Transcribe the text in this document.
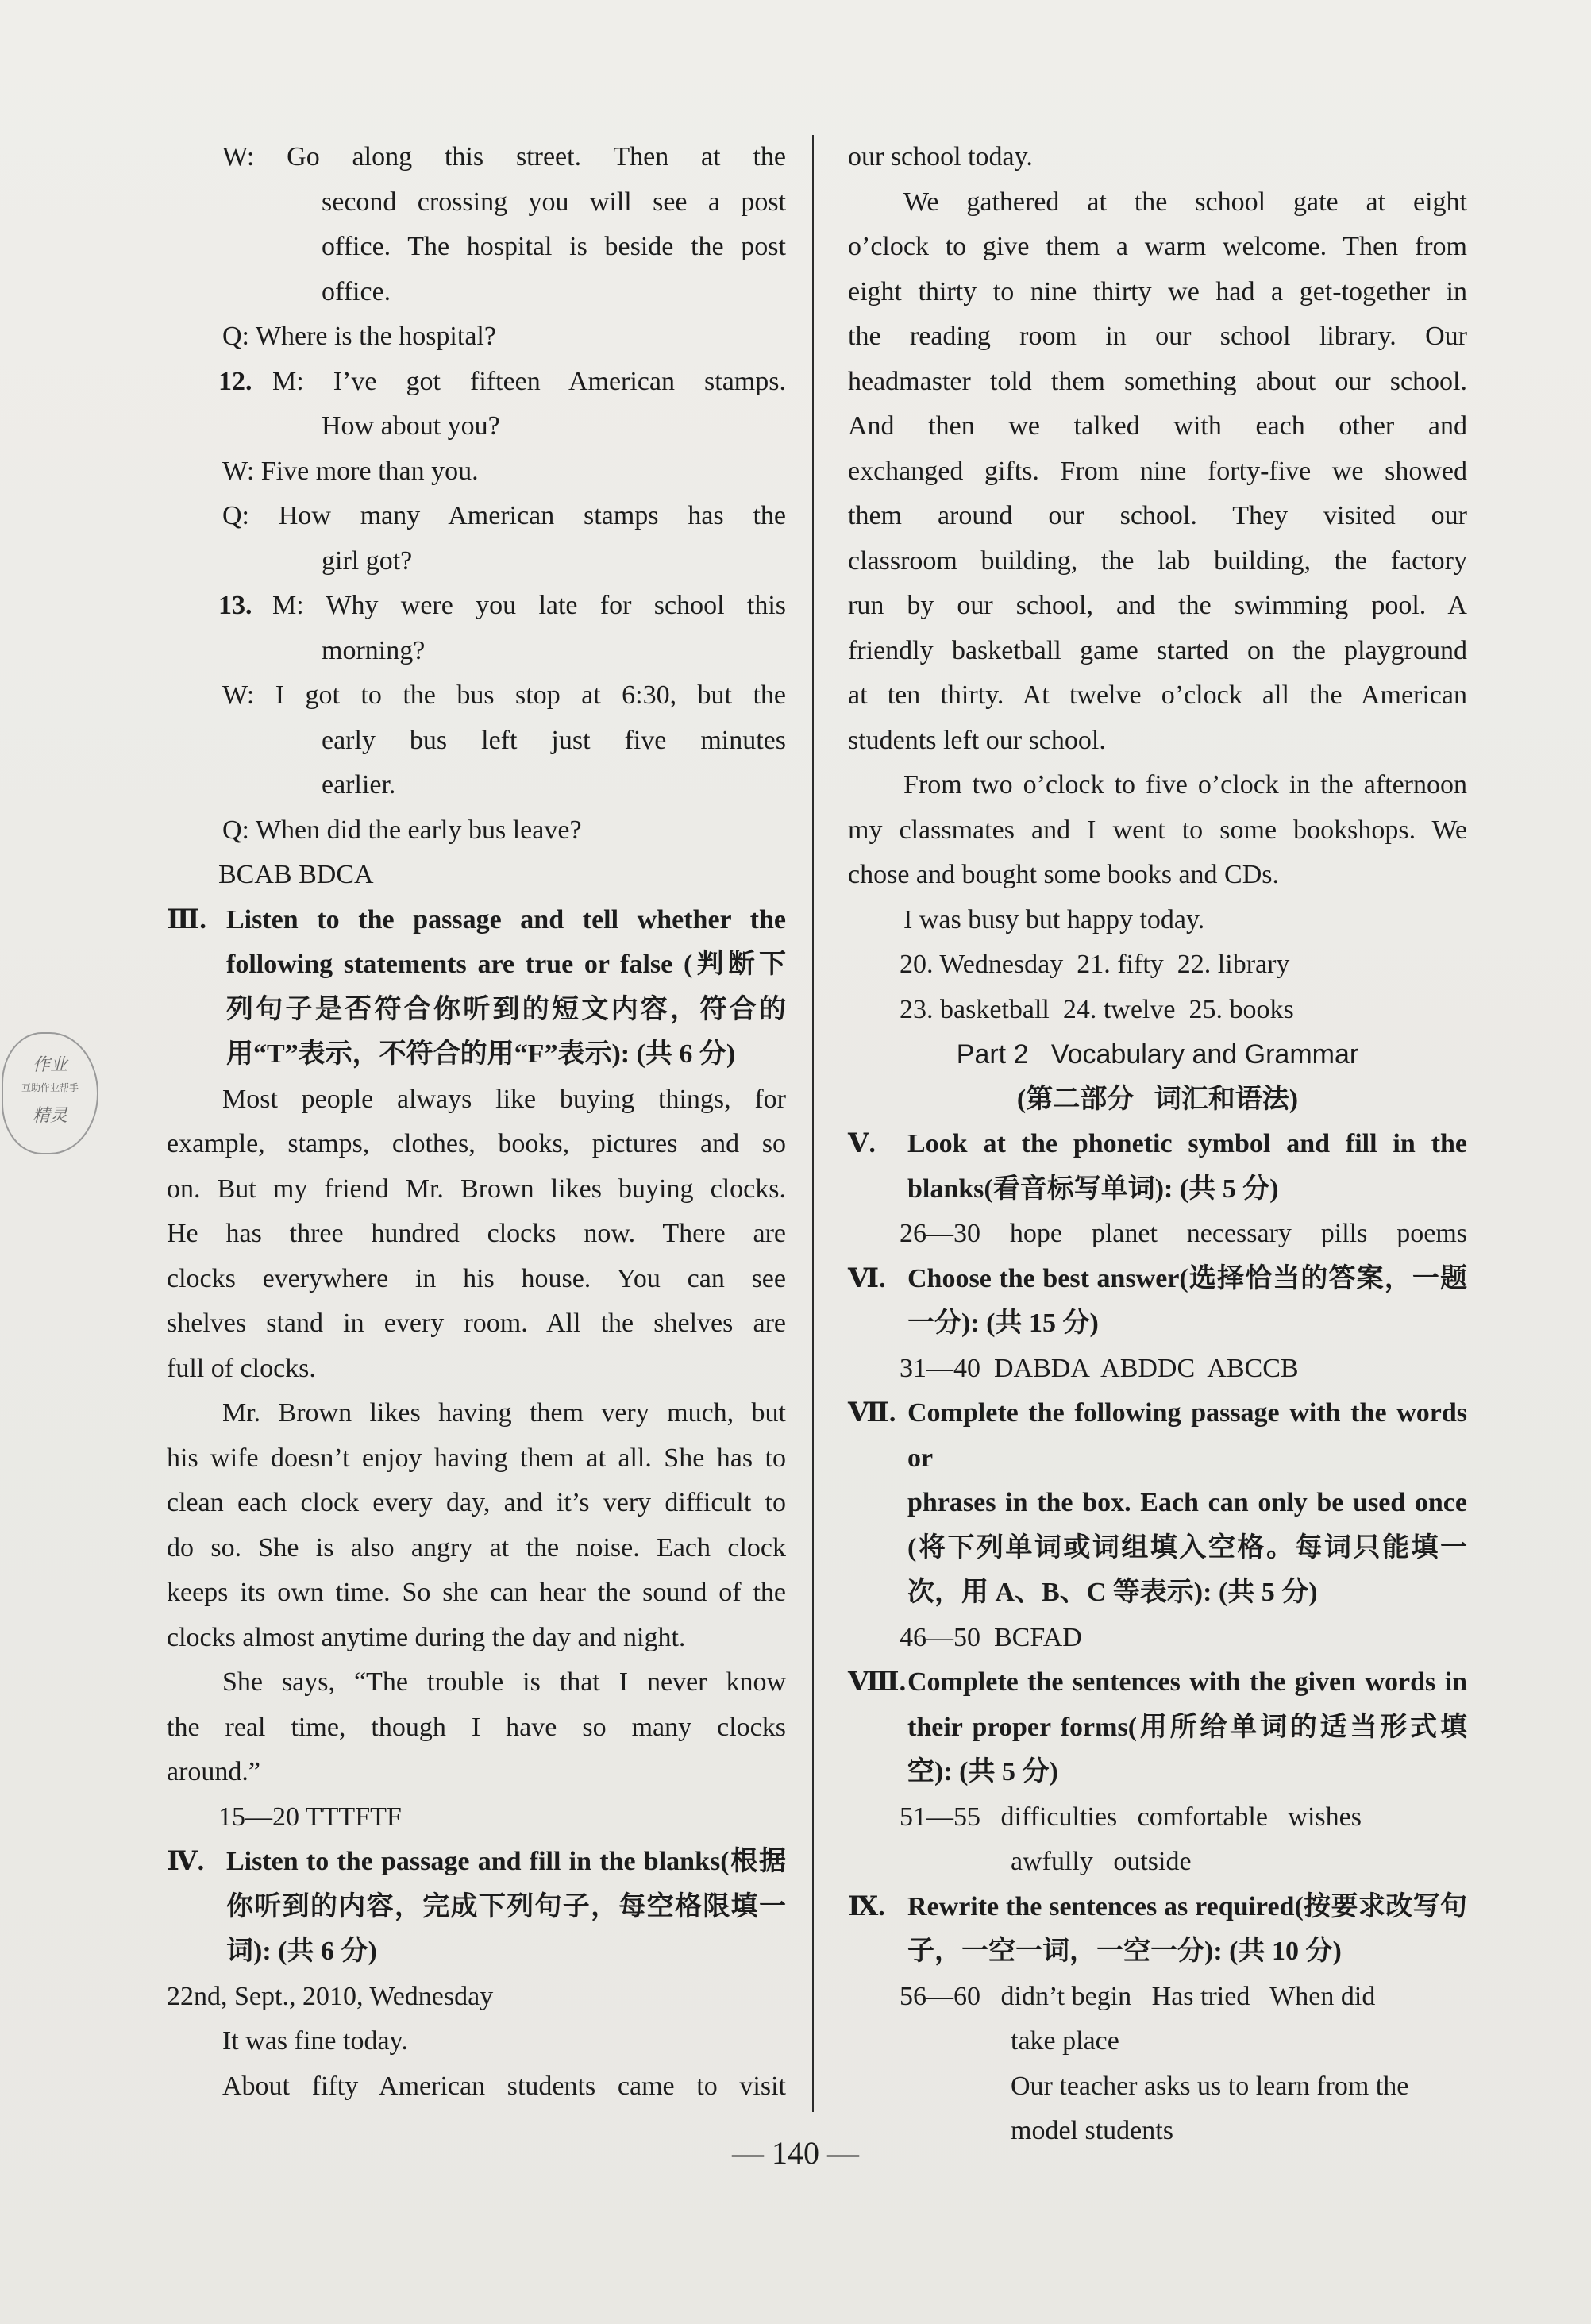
作业
互助作业帮手
精灵
W: Go along this street. Then at the
second crossing you will see a post
office. The hospital is beside the post
office.
Q: Where is the hospital?
12. M: I’ve got fifteen American stamps.
How about you?
W: Five more than you.
Q: How many American stamps has the
girl got?
13. M: Why were you late for school this
morning?
W: I got to the bus stop at 6:30, but the
early bus left just five minutes
earlier.
Q: When did the early bus leave?
BCAB BDCA
Ⅲ. Listen to the passage and tell whether the
following statements are true or false (判断下
列句子是否符合你听到的短文内容，符合的
用“T”表示，不符合的用“F”表示): (共 6 分)
Most people always like buying things, for
example, stamps, clothes, books, pictures and so
on. But my friend Mr. Brown likes buying clocks.
He has three hundred clocks now. There are
clocks everywhere in his house. You can see
shelves stand in every room. All the shelves are
full of clocks.
Mr. Brown likes having them very much, but
his wife doesn’t enjoy having them at all. She has to
clean each clock every day, and it’s very difficult to
do so. She is also angry at the noise. Each clock
keeps its own time. So she can hear the sound of the
clocks almost anytime during the day and night.
She says, “The trouble is that I never know
the real time, though I have so many clocks
around.”
15—20 TTTFTF
Ⅳ. Listen to the passage and fill in the blanks(根据
你听到的内容，完成下列句子，每空格限填一
词): (共 6 分)
22nd, Sept., 2010, Wednesday
It was fine today.
About fifty American students came to visit
our school today.
We gathered at the school gate at eight
o’clock to give them a warm welcome. Then from
eight thirty to nine thirty we had a get-together in
the reading room in our school library. Our
headmaster told them something about our school.
And then we talked with each other and
exchanged gifts. From nine forty-five we showed
them around our school. They visited our
classroom building, the lab building, the factory
run by our school, and the swimming pool. A
friendly basketball game started on the playground
at ten thirty. At twelve o’clock all the American
students left our school.
From two o’clock to five o’clock in the afternoon
my classmates and I went to some bookshops. We
chose and bought some books and CDs.
I was busy but happy today.
20. Wednesday  21. fifty  22. library
23. basketball  24. twelve  25. books
Part 2   Vocabulary and Grammar
(第二部分   词汇和语法)
Ⅴ.	Look at the phonetic symbol and fill in the
blanks(看音标写单词): (共 5 分)
26—30  hope  planet  necessary  pills  poems
Ⅵ. Choose the best answer(选择恰当的答案，一题
一分): (共 15 分)
31—40  DABDA  ABDDC  ABCCB
Ⅶ. Complete the following passage with the words or
phrases in the box. Each can only be used once
(将下列单词或词组填入空格。每词只能填一
次，用 A、B、C 等表示): (共 5 分)
46—50  BCFAD
Ⅷ. Complete the sentences with the given words in
their proper forms(用所给单词的适当形式填
空): (共 5 分)
51—55   difficulties   comfortable   wishes
awfully   outside
Ⅸ. Rewrite the sentences as required(按要求改写句
子，一空一词，一空一分): (共 10 分)
56—60   didn’t begin   Has tried   When did
take place
Our teacher asks us to learn from the
model students
— 140 —
